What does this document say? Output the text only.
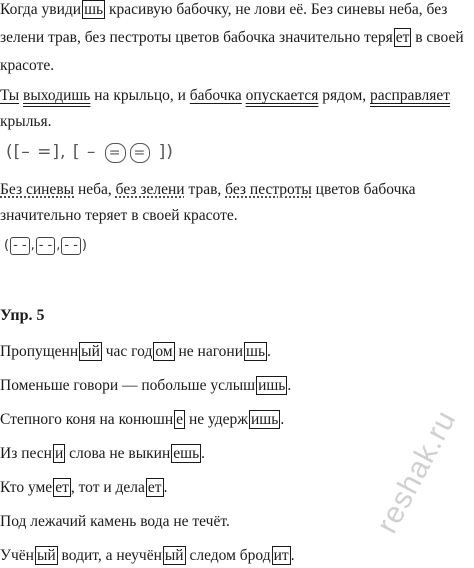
Когда увиди шь красивую бабочку, не лови её. Без синевы неба, без
зелени трав, без пестроты цветов бабочка значительно теря ет в своей
красоте.
Ты выходишь на крыльцо, и бабочка опускается рядом, расправляет
крылья.
([– =], [ – = = ])
Без синевы неба, без зелени трав, без пестроты цветов бабочка
значительно теряет в своей красоте.
( - - , - - , - - )
Упр. 5
Пропущенн ый час год ом не нагони шь .
Поменьше говори — побольше услыш ишь .
Степного коня на конюшн е не удерж ишь .
Из песн и слова не выкин ешь .
Кто уме ет , тот и дела ет .
Под лежачий камень вода не течёт.
Учён ый водит, а неучён ый следом брод ит .
reshak.ru
